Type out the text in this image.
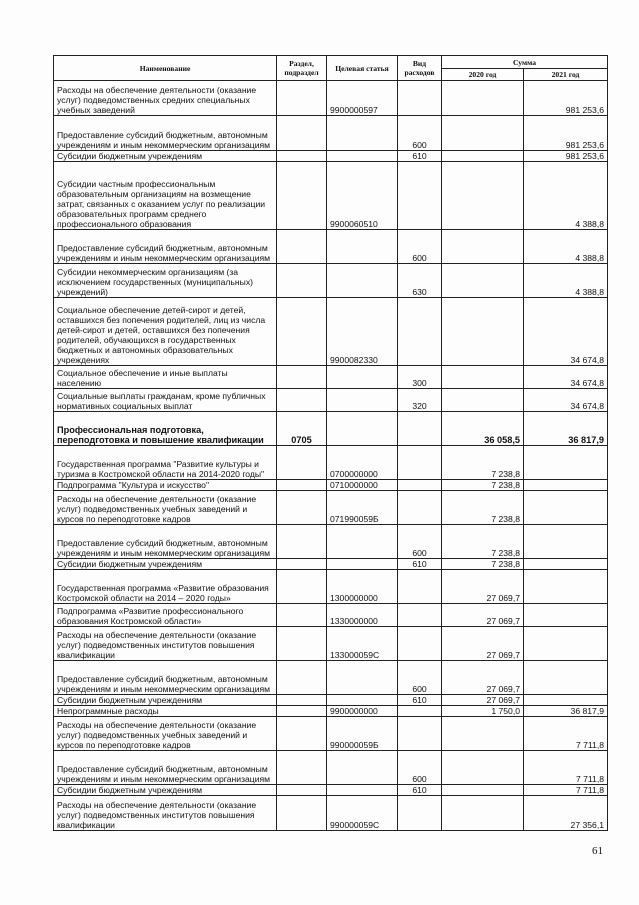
Наименование	Раздел, подраздел	Целевая статья	Вид расходов	Сумма	
				2020 год	2021 год
Расходы на обеспечение деятельности (оказание услуг) подведомственных средних специальных учебных заведений		9900000597			981 253,6
Предоставление субсидий бюджетным, автономным учреждениям и иным некоммерческим организациям			600		981 253,6
Субсидии бюджетным учреждениям			610		981 253,6
Субсидии частным профессиональным образовательным организациям на возмещение затрат, связанных с оказанием услуг по реализации образовательных программ среднего профессионального образования		9900060510			4 388,8
Предоставление субсидий бюджетным, автономным учреждениям и иным некоммерческим организациям			600		4 388,8
Субсидии некоммерческим организациям (за исключением государственных (муниципальных) учреждений)			630		4 388,8
Социальное обеспечение детей-сирот и детей, оставшихся без попечения родителей, лиц из числа детей-сирот и детей, оставшихся без попечения родителей, обучающихся в государственных бюджетных и автономных образовательных учреждениях		9900082330			34 674,8
Социальное обеспечение и иные выплаты населению			300		34 674,8
Социальные выплаты гражданам, кроме публичных нормативных социальных выплат			320		34 674,8
Профессиональная подготовка, переподготовка и повышение квалификации	0705			36 058,5	36 817,9
Государственная программа "Развитие культуры и туризма в Костромской области на 2014-2020 годы"		0700000000		7 238,8	
Подпрограмма "Культура и искусство"		0710000000		7 238,8	
Расходы на обеспечение деятельности (оказание услуг) подведомственных учебных заведений и курсов по переподготовке кадров		071990059Б		7 238,8	
Предоставление субсидий бюджетным, автономным учреждениям и иным некоммерческим организациям			600	7 238,8	
Субсидии бюджетным учреждениям			610	7 238,8	
Государственная программа «Развитие образования Костромской области на 2014 – 2020 годы»		1300000000		27 069,7	
Подпрограмма «Развитие профессионального образования Костромской области»		1330000000		27 069,7	
Расходы на обеспечение деятельности (оказание услуг) подведомственных институтов повышения квалификации		133000059С		27 069,7	
Предоставление субсидий бюджетным, автономным учреждениям и иным некоммерческим организациям			600	27 069,7	
Субсидии бюджетным учреждениям			610	27 069,7	
Непрограммные расходы		9900000000		1 750,0	36 817,9
Расходы на обеспечение деятельности (оказание услуг) подведомственных учебных заведений и курсов по переподготовке кадров		990000059Б			7 711,8
Предоставление субсидий бюджетным, автономным учреждениям и иным некоммерческим организациям			600		7 711,8
Субсидии бюджетным учреждениям			610		7 711,8
Расходы на обеспечение деятельности (оказание услуг) подведомственных институтов повышения квалификации		990000059С			27 356,1
61
